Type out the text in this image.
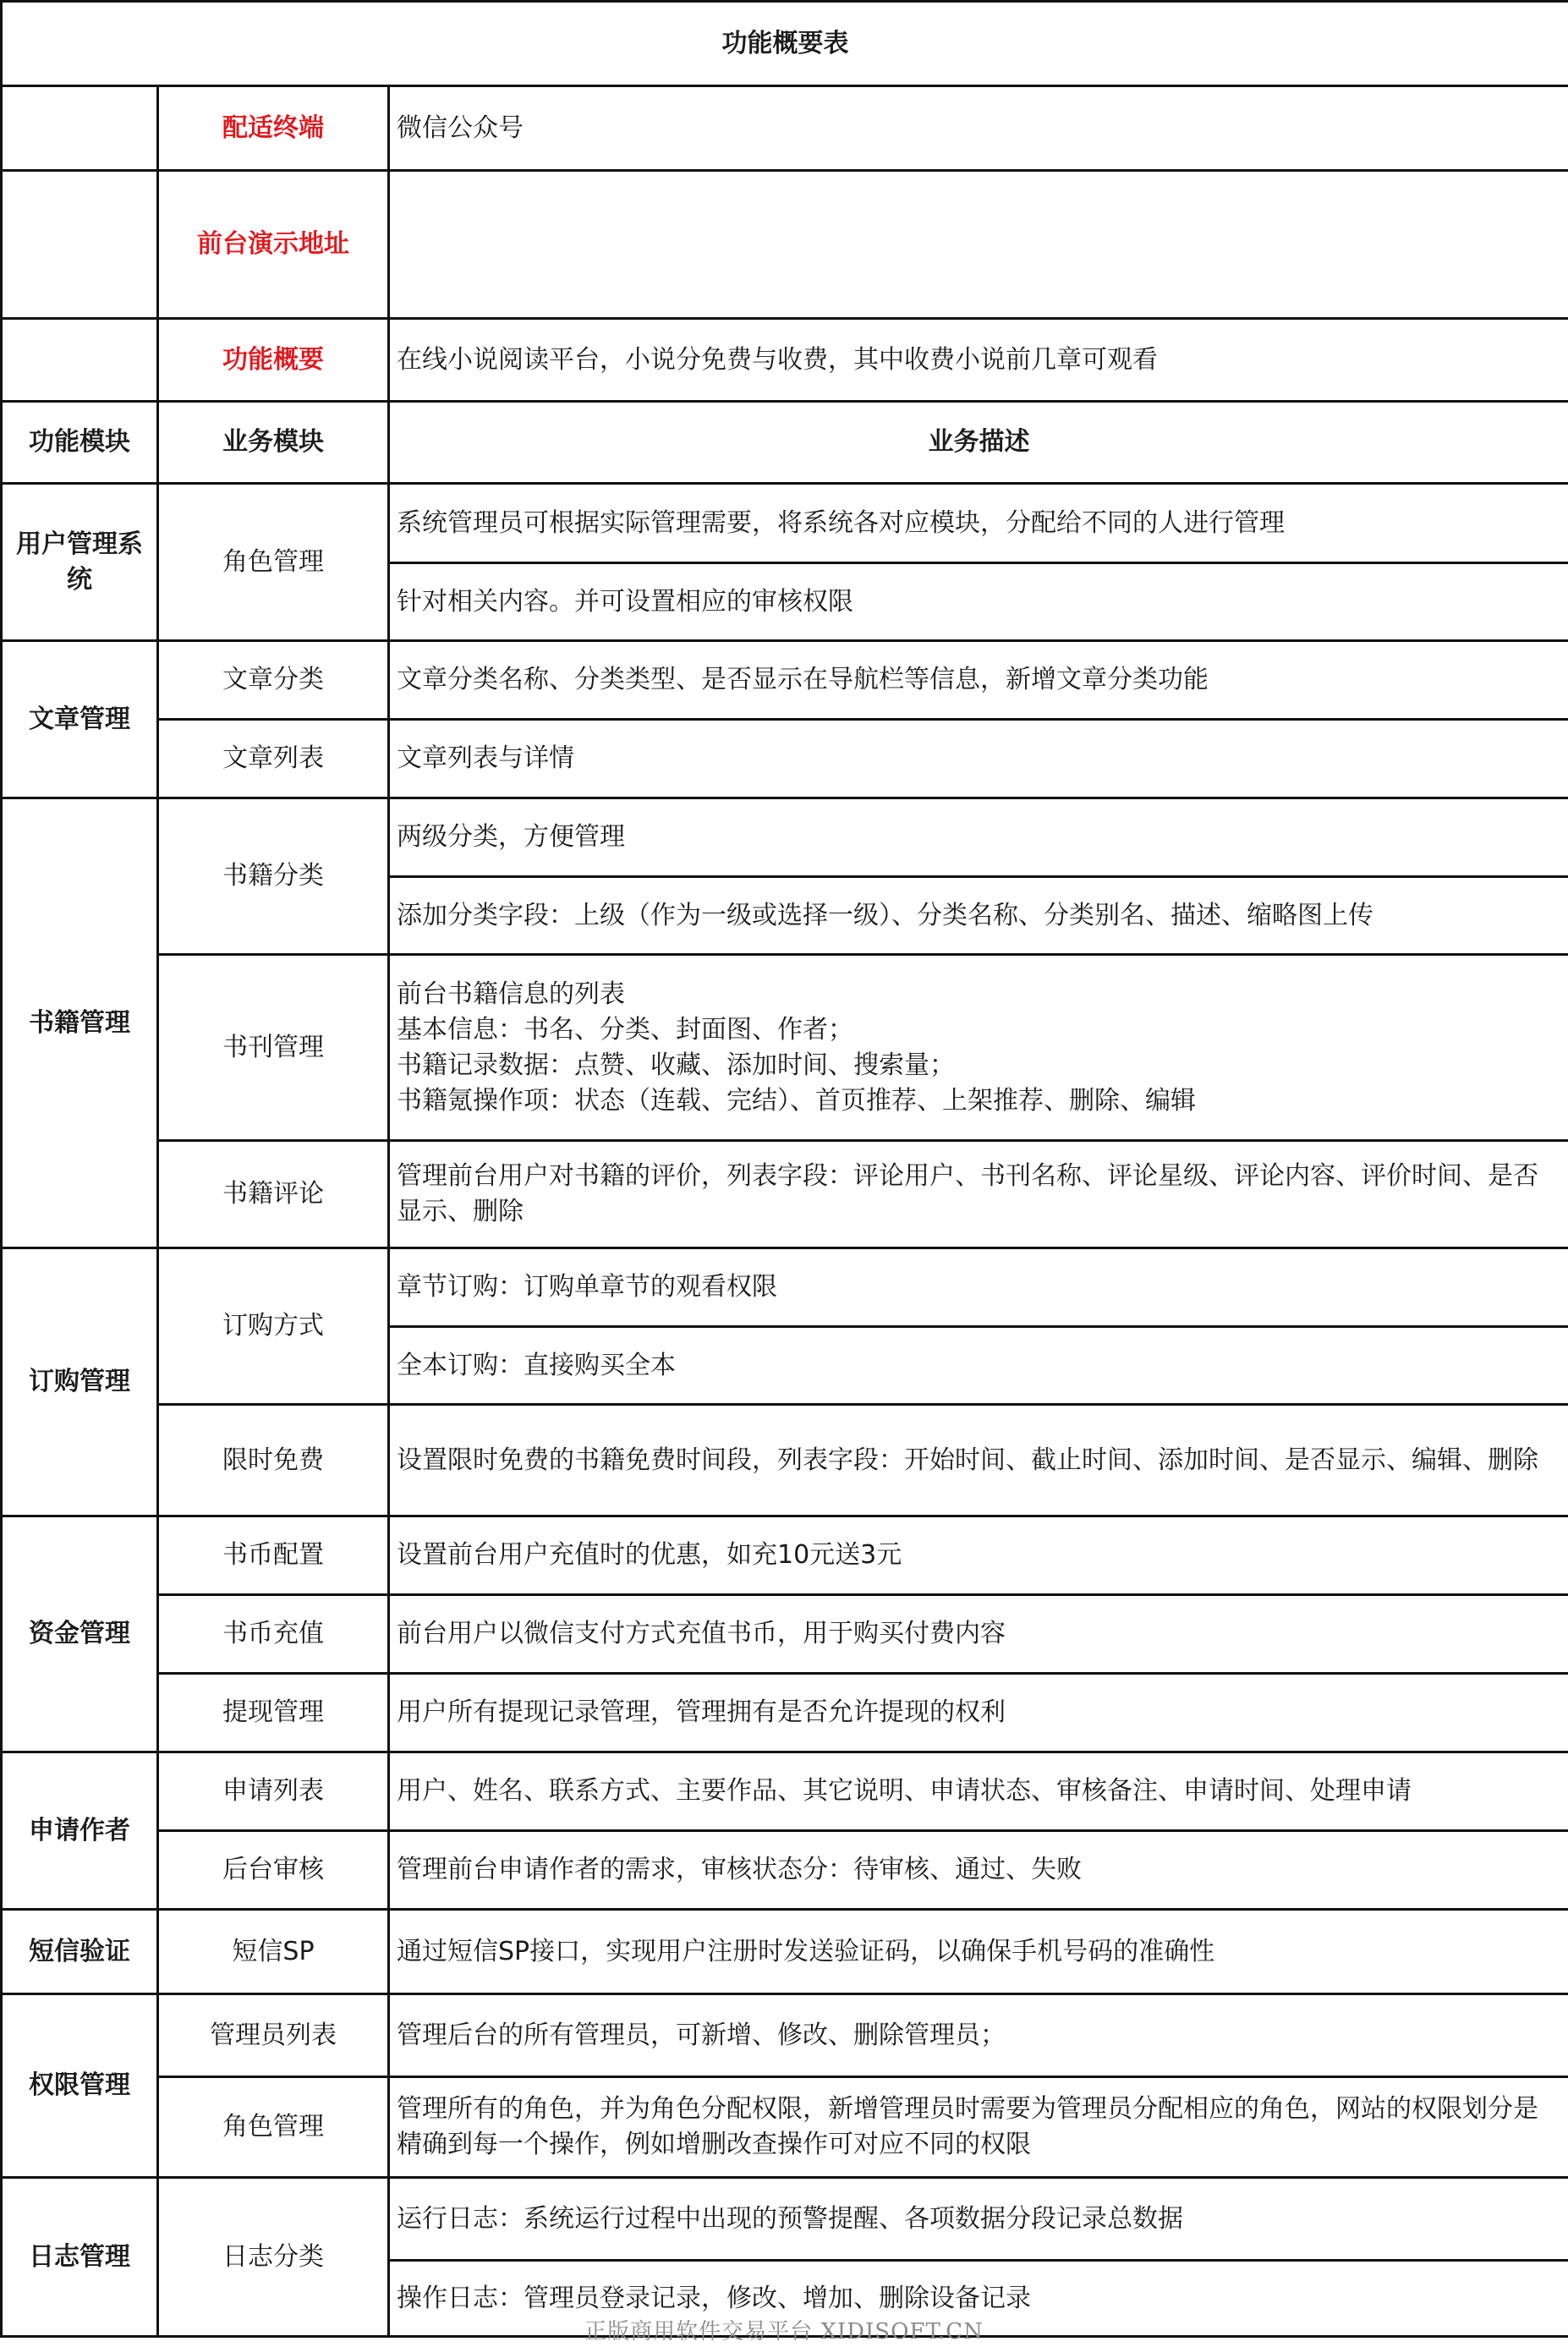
功能概要表		
	配适终端	微信公众号
	前台演示地址	
	功能概要	在线小说阅读平台，小说分免费与收费，其中收费小说前几章可观看
功能模块	业务模块	业务描述
用户管理系统	角色管理	系统管理员可根据实际管理需要，将系统各对应模块，分配给不同的人进行管理
		针对相关内容。并可设置相应的审核权限
文章管理	文章分类	文章分类名称、分类类型、是否显示在导航栏等信息，新增文章分类功能
	文章列表	文章列表与详情
书籍管理	书籍分类	两级分类，方便管理
		添加分类字段：上级（作为一级或选择一级）、分类名称、分类别名、描述、缩略图上传
	书刊管理	前台书籍信息的列表
基本信息：书名、分类、封面图、作者；
书籍记录数据：点赞、收藏、添加时间、搜索量；
书籍氪操作项：状态（连载、完结）、首页推荐、上架推荐、删除、编辑

	书籍评论	管理前台用户对书籍的评价，列表字段：评论用户、书刊名称、评论星级、评论内容、评价时间、是否显示、删除
订购管理	订购方式	章节订购：订购单章节的观看权限
		全本订购：直接购买全本
	限时免费	设置限时免费的书籍免费时间段，列表字段：开始时间、截止时间、添加时间、是否显示、编辑、删除
资金管理	书币配置	设置前台用户充值时的优惠，如充10元送3元
	书币充值	前台用户以微信支付方式充值书币，用于购买付费内容
	提现管理	用户所有提现记录管理，管理拥有是否允许提现的权利
申请作者	申请列表	用户、姓名、联系方式、主要作品、其它说明、申请状态、审核备注、申请时间、处理申请
	后台审核	管理前台申请作者的需求，审核状态分：待审核、通过、失败
短信验证	短信SP	通过短信SP接口，实现用户注册时发送验证码，以确保手机号码的准确性
权限管理	管理员列表	管理后台的所有管理员，可新增、修改、删除管理员；
	角色管理	管理所有的角色，并为角色分配权限，新增管理员时需要为管理员分配相应的角色，网站的权限划分是精确到每一个操作，例如增删改查操作可对应不同的权限
日志管理	日志分类	运行日志：系统运行过程中出现的预警提醒、各项数据分段记录总数据
		操作日志：管理员登录记录，修改、增加、删除设备记录
正版商用软件交易平台 XIDISOFT.CN
